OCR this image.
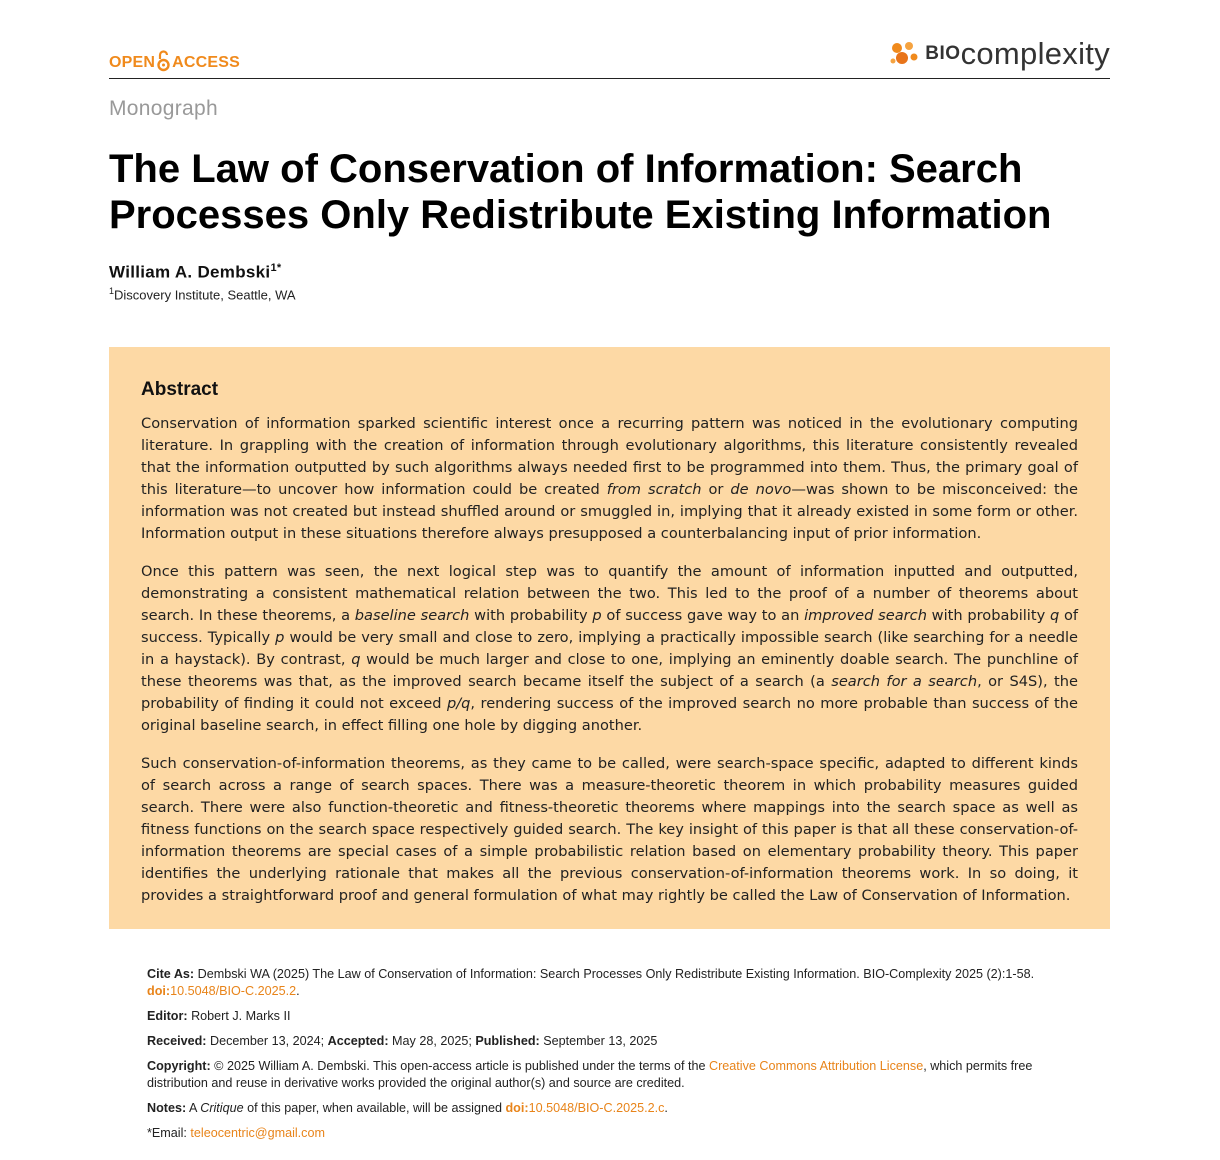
OPEN ACCESS	BIO complexity
Monograph
The Law of Conservation of Information: Search
Processes Only Redistribute Existing Information
William A. Dembski$^{1*}$
$^1$Discovery Institute, Seattle, WA
Abstract

Conservation of information sparked scientific interest once a recurring pattern was noticed in the evolutionary computing literature. In grappling with the creation of information through evolutionary algorithms, this literature consistently revealed that the information outputted by such algorithms always needed first to be programmed into them. Thus, the primary goal of this literature—to uncover how information could be created from scratch or de novo—was shown to be misconceived: the information was not created but instead shuffled around or smuggled in, implying that it already existed in some form or other. Information output in these situations therefore always presupposed a counterbalancing input of prior information.

Once this pattern was seen, the next logical step was to quantify the amount of information inputted and outputted, demonstrating a consistent mathematical relation between the two. This led to the proof of a number of theorems about search. In these theorems, a baseline search with probability p of success gave way to an improved search with probability q of success. Typically p would be very small and close to zero, implying a practically impossible search (like searching for a needle in a haystack). By contrast, q would be much larger and close to one, implying an eminently doable search. The punchline of these theorems was that, as the improved search became itself the subject of a search (a search for a search, or S4S), the probability of finding it could not exceed p/q, rendering success of the improved search no more probable than success of the original baseline search, in effect filling one hole by digging another.

Such conservation-of-information theorems, as they came to be called, were search-space specific, adapted to different kinds of search across a range of search spaces. There was a measure-theoretic theorem in which probability measures guided search. There were also function-theoretic and fitness-theoretic theorems where mappings into the search space as well as fitness functions on the search space respectively guided search. The key insight of this paper is that all these conservation-of-information theorems are special cases of a simple probabilistic relation based on elementary probability theory. This paper identifies the underlying rationale that makes all the previous conservation-of-information theorems work. In so doing, it provides a straightforward proof and general formulation of what may rightly be called the Law of Conservation of Information.

Cite As: Dembski WA (2025) The Law of Conservation of Information: Search Processes Only Redistribute Existing Information. BIO-Complexity 2025 (2):1-58. doi:10.5048/BIO-C.2025.2.
Editor: Robert J. Marks II
Received: December 13, 2024; Accepted: May 28, 2025; Published: September 13, 2025
Copyright: © 2025 William A. Dembski. This open-access article is published under the terms of the Creative Commons Attribution License, which permits free distribution and reuse in derivative works provided the original author(s) and source are credited.
Notes: A Critique of this paper, when available, will be assigned doi:10.5048/BIO-C.2025.2.c.
*Email: teleocentric@gmail.com
